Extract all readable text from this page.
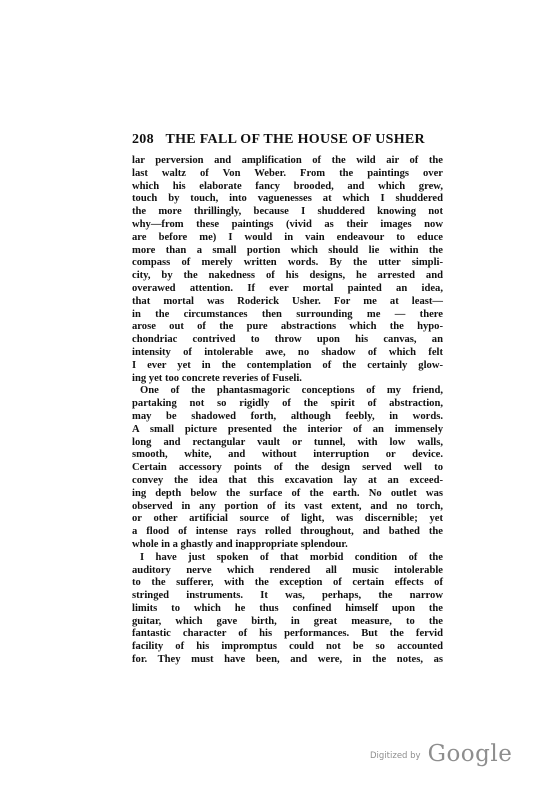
208 THE FALL OF THE HOUSE OF USHER
lar perversion and amplification of the wild air of the
last waltz of Von Weber. From the paintings over
which his elaborate fancy brooded, and which grew,
touch by touch, into vaguenesses at which I shuddered
the more thrillingly, because I shuddered knowing not
why—from these paintings (vivid as their images now
are before me) I would in vain endeavour to educe
more than a small portion which should lie within the
compass of merely written words. By the utter simpli-
city, by the nakedness of his designs, he arrested and
overawed attention. If ever mortal painted an idea,
that mortal was Roderick Usher. For me at least—
in the circumstances then surrounding me — there
arose out of the pure abstractions which the hypo-
chondriac contrived to throw upon his canvas, an
intensity of intolerable awe, no shadow of which felt
I ever yet in the contemplation of the certainly glow-
ing yet too concrete reveries of Fuseli.
One of the phantasmagoric conceptions of my friend,
partaking not so rigidly of the spirit of abstraction,
may be shadowed forth, although feebly, in words.
A small picture presented the interior of an immensely
long and rectangular vault or tunnel, with low walls,
smooth, white, and without interruption or device.
Certain accessory points of the design served well to
convey the idea that this excavation lay at an exceed-
ing depth below the surface of the earth. No outlet was
observed in any portion of its vast extent, and no torch,
or other artificial source of light, was discernible; yet
a flood of intense rays rolled throughout, and bathed the
whole in a ghastly and inappropriate splendour.
I have just spoken of that morbid condition of the
auditory nerve which rendered all music intolerable
to the sufferer, with the exception of certain effects of
stringed instruments. It was, perhaps, the narrow
limits to which he thus confined himself upon the
guitar, which gave birth, in great measure, to the
fantastic character of his performances. But the fervid
facility of his impromptus could not be so accounted
for. They must have been, and were, in the notes, as
Digitized by Google
